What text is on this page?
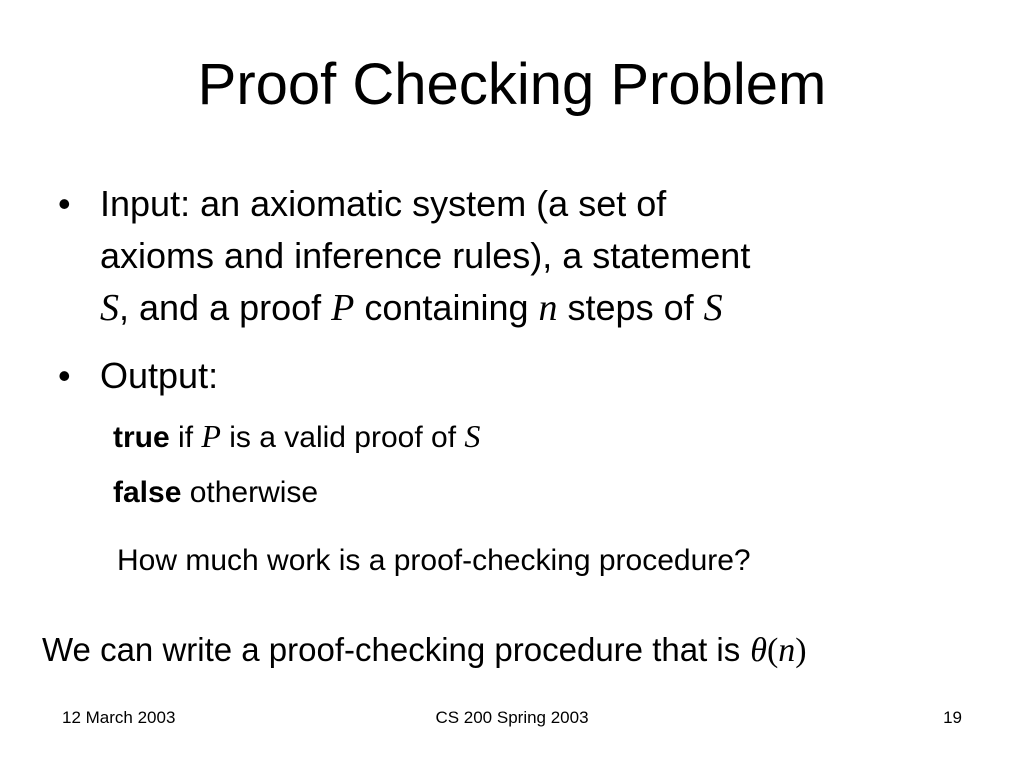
Proof Checking Problem
• Input: an axiomatic system (a set of
axioms and inference rules), a statement
S, and a proof P containing n steps of S
• Output:
true if P is a valid proof of S
false otherwise
How much work is a proof-checking procedure?
We can write a proof-checking procedure that is θ(n)
12 March 2003	CS 200 Spring 2003	19
